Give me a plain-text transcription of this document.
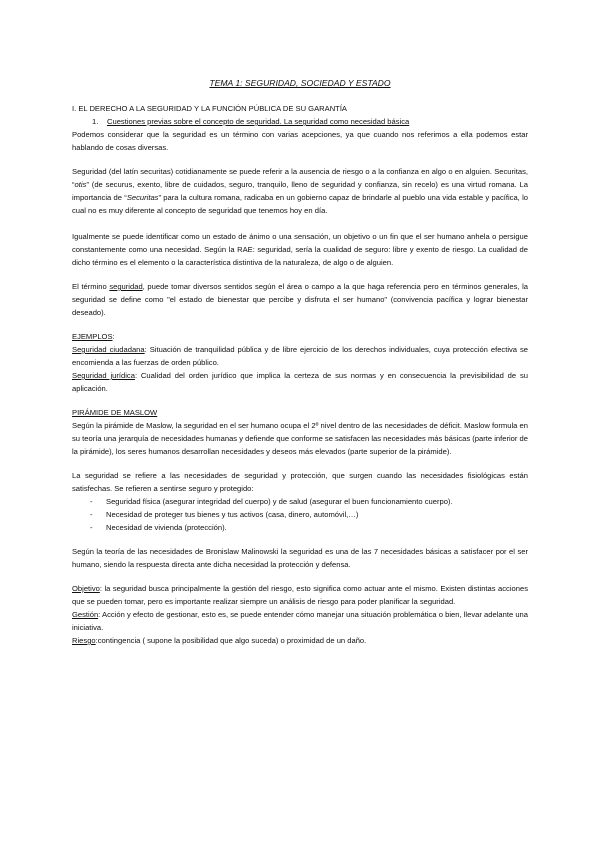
TEMA 1: SEGURIDAD, SOCIEDAD Y ESTADO

I. EL DERECHO A LA SEGURIDAD Y LA FUNCIÓN PÚBLICA DE SU GARANTÍA

1. Cuestiones previas sobre el concepto de seguridad. La seguridad como necesidad básica

Podemos considerar que la seguridad es un término con varias acepciones, ya que cuando nos referimos a ella podemos estar hablando de cosas diversas.

Seguridad (del latín securitas) cotidianamente se puede referir a la ausencia de riesgo o a la confianza en algo o en alguien. Securitas, “otis” (de securus, exento, libre de cuidados, seguro, tranquilo, lleno de seguridad y confianza, sin recelo) es una virtud romana. La importancia de “Securitas” para la cultura romana, radicaba en un gobierno capaz de brindarle al pueblo una vida estable y pacífica, lo cual no es muy diferente al concepto de seguridad que tenemos hoy en día.

Igualmente se puede identificar como un estado de ánimo o una sensación, un objetivo o un fin que el ser humano anhela o persigue constantemente como una necesidad. Según la RAE: seguridad, sería la cualidad de seguro: libre y exento de riesgo. La cualidad de dicho término es el elemento o la característica distintiva de la naturaleza, de algo o de alguien.

El término seguridad, puede tomar diversos sentidos según el área o campo a la que haga referencia pero en términos generales, la seguridad se define como "el estado de bienestar que percibe y disfruta el ser humano" (convivencia pacífica y lograr bienestar deseado).

EJEMPLOS:

Seguridad ciudadana: Situación de tranquilidad pública y de libre ejercicio de los derechos individuales, cuya protección efectiva se encomienda a las fuerzas de orden público.

Seguridad jurídica: Cualidad del orden jurídico que implica la certeza de sus normas y en consecuencia la previsibilidad de su aplicación.

PIRÁMIDE DE MASLOW

Según la pirámide de Maslow, la seguridad en el ser humano ocupa el 2º nivel dentro de las necesidades de déficit. Maslow formula en su teoría una jerarquía de necesidades humanas y defiende que conforme se satisfacen las necesidades más básicas (parte inferior de la pirámide), los seres humanos desarrollan necesidades y deseos más elevados (parte superior de la pirámide).

La seguridad se refiere a las necesidades de seguridad y protección, que surgen cuando las necesidades fisiológicas están satisfechas. Se refieren a sentirse seguro y protegido:

- Seguridad física (asegurar integridad del cuerpo) y de salud (asegurar el buen funcionamiento cuerpo).
- Necesidad de proteger tus bienes y tus activos (casa, dinero, automóvil,…)
- Necesidad de vivienda (protección).

Según la teoría de las necesidades de Bronislaw Malinowski la seguridad es una de las 7 necesidades básicas a satisfacer por el ser humano, siendo la respuesta directa ante dicha necesidad la protección y defensa.

Objetivo: la seguridad busca principalmente la gestión del riesgo, esto significa como actuar ante el mismo. Existen distintas acciones que se pueden tomar, pero es importante realizar siempre un análisis de riesgo para poder planificar la seguridad.

Gestión: Acción y efecto de gestionar, esto es, se puede entender cómo manejar una situación problemática o bien, llevar adelante una iniciativa.

Riesgo:contingencia ( supone la posibilidad que algo suceda) o proximidad de un daño.
